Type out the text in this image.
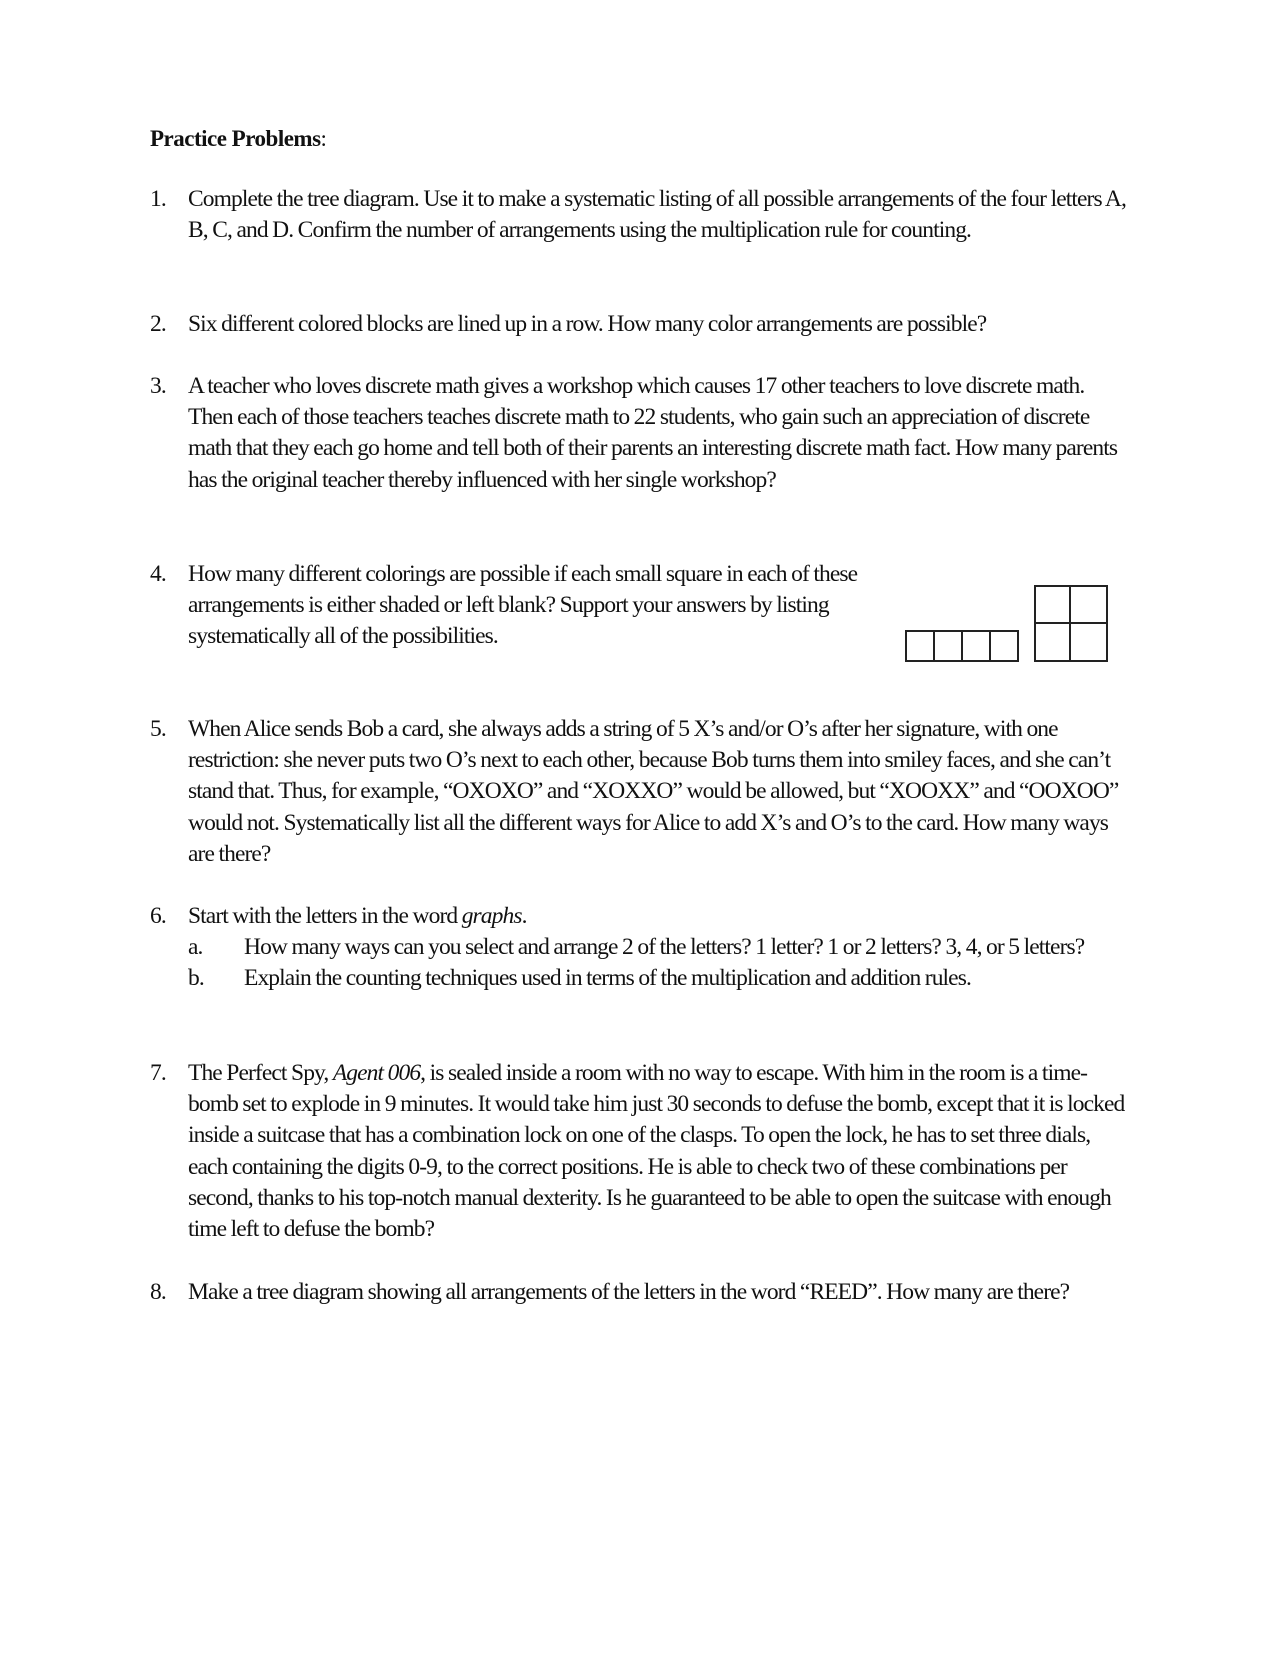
Practice Problems:
1. Complete the tree diagram. Use it to make a systematic listing of all possible arrangements of the four letters A, B, C, and D. Confirm the number of arrangements using the multiplication rule for counting.
2. Six different colored blocks are lined up in a row. How many color arrangements are possible?
3. A teacher who loves discrete math gives a workshop which causes 17 other teachers to love discrete math. Then each of those teachers teaches discrete math to 22 students, who gain such an appreciation of discrete math that they each go home and tell both of their parents an interesting discrete math fact. How many parents has the original teacher thereby influenced with her single workshop?
4. How many different colorings are possible if each small square in each of these arrangements is either shaded or left blank? Support your answers by listing systematically all of the possibilities.
5. When Alice sends Bob a card, she always adds a string of 5 X’s and/or O’s after her signature, with one restriction: she never puts two O’s next to each other, because Bob turns them into smiley faces, and she can’t stand that. Thus, for example, “OXOXO” and “XOXXO” would be allowed, but “XOOXX” and “OOXOO” would not. Systematically list all the different ways for Alice to add X’s and O’s to the card. How many ways are there?
6. Start with the letters in the word graphs.
a. How many ways can you select and arrange 2 of the letters? 1 letter? 1 or 2 letters? 3, 4, or 5 letters?
b. Explain the counting techniques used in terms of the multiplication and addition rules.
7. The Perfect Spy, Agent 006, is sealed inside a room with no way to escape. With him in the room is a time-bomb set to explode in 9 minutes. It would take him just 30 seconds to defuse the bomb, except that it is locked inside a suitcase that has a combination lock on one of the clasps. To open the lock, he has to set three dials, each containing the digits 0-9, to the correct positions. He is able to check two of these combinations per second, thanks to his top-notch manual dexterity. Is he guaranteed to be able to open the suitcase with enough time left to defuse the bomb?
8. Make a tree diagram showing all arrangements of the letters in the word “REED”. How many are there?
